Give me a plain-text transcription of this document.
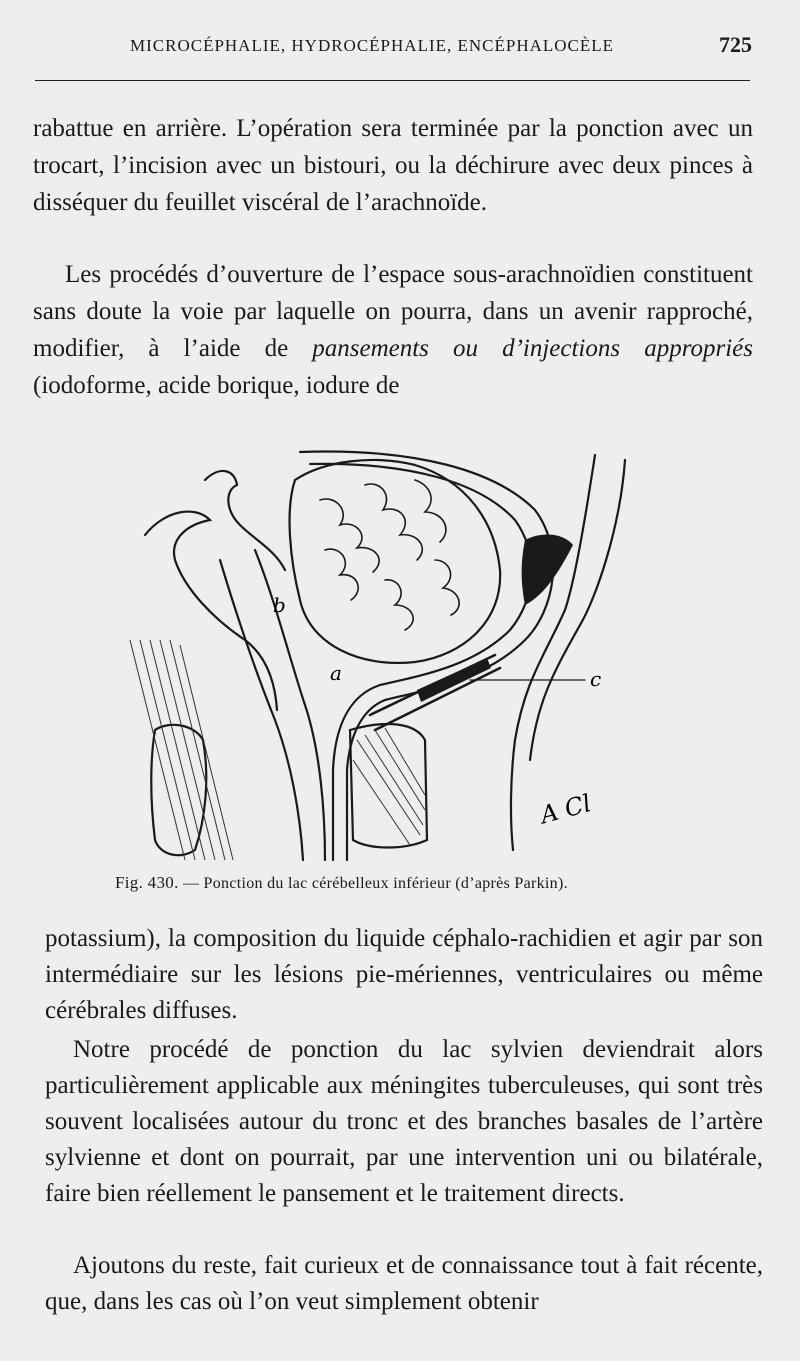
MICROCÉPHALIE, HYDROCÉPHALIE, ENCÉPHALOCÈLE	725

rabattue en arrière. L’opération sera terminée par la ponction avec un trocart, l’incision avec un bistouri, ou la déchirure avec deux pinces à disséquer du feuillet viscéral de l’arachnoïde.

Les procédés d’ouverture de l’espace sous-arachnoïdien constituent sans doute la voie par laquelle on pourra, dans un avenir rapproché, modifier, à l’aide de pansements ou d’injections appropriés (iodoforme, acide borique, iodure de

b
a	c
A Cl
Fig. 430. — Ponction du lac cérébelleux inférieur (d’après Parkin).

potassium), la composition du liquide céphalo-rachidien et agir par son intermédiaire sur les lésions pie-mériennes, ventriculaires ou même cérébrales diffuses.

Notre procédé de ponction du lac sylvien deviendrait alors particulièrement applicable aux méningites tuberculeuses, qui sont très souvent localisées autour du tronc et des branches basales de l’artère sylvienne et dont on pourrait, par une intervention uni ou bilatérale, faire bien réellement le pansement et le traitement directs.

Ajoutons du reste, fait curieux et de connaissance tout à fait récente, que, dans les cas où l’on veut simplement obtenir
